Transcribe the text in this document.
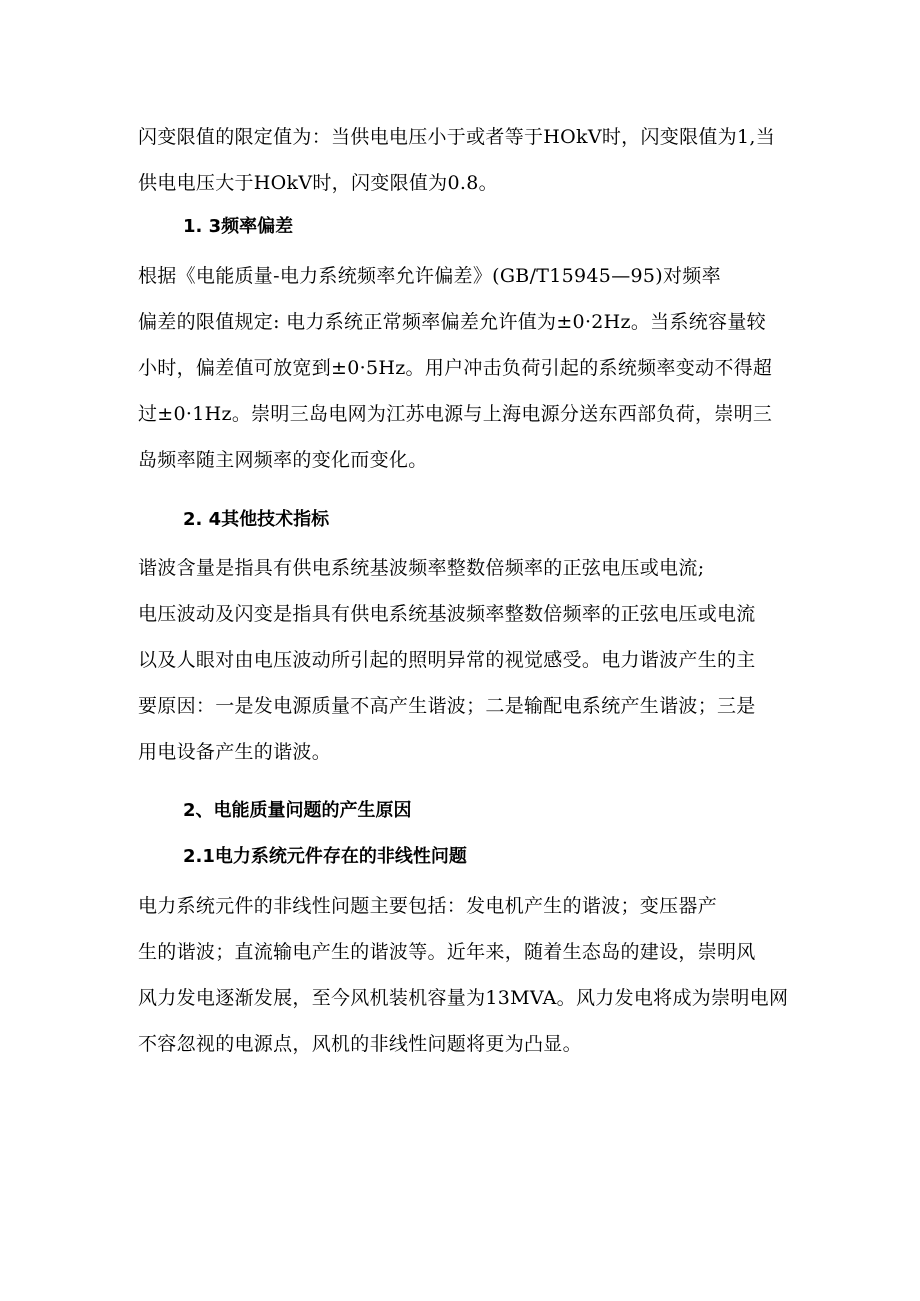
闪变限值的限定值为：当供电电压小于或者等于HOkV时，闪变限值为1,当
供电电压大于HOkV时，闪变限值为0.8。

1. 3频率偏差

根据《电能质量-电力系统频率允许偏差》(GB/T15945—95)对频率
偏差的限值规定: 电力系统正常频率偏差允许值为±0·2Hz。当系统容量较
小时，偏差值可放宽到±0·5Hz。用户冲击负荷引起的系统频率变动不得超
过±0·1Hz。崇明三岛电网为江苏电源与上海电源分送东西部负荷，崇明三
岛频率随主网频率的变化而变化。

2. 4其他技术指标

谐波含量是指具有供电系统基波频率整数倍频率的正弦电压或电流;
电压波动及闪变是指具有供电系统基波频率整数倍频率的正弦电压或电流
以及人眼对由电压波动所引起的照明异常的视觉感受。电力谐波产生的主
要原因：一是发电源质量不高产生谐波；二是输配电系统产生谐波；三是
用电设备产生的谐波。

2、电能质量问题的产生原因
2.1电力系统元件存在的非线性问题

电力系统元件的非线性问题主要包括：发电机产生的谐波；变压器产
生的谐波；直流输电产生的谐波等。近年来，随着生态岛的建设，崇明风
风力发电逐渐发展，至今风机装机容量为13MVA。风力发电将成为崇明电网
不容忽视的电源点，风机的非线性问题将更为凸显。
